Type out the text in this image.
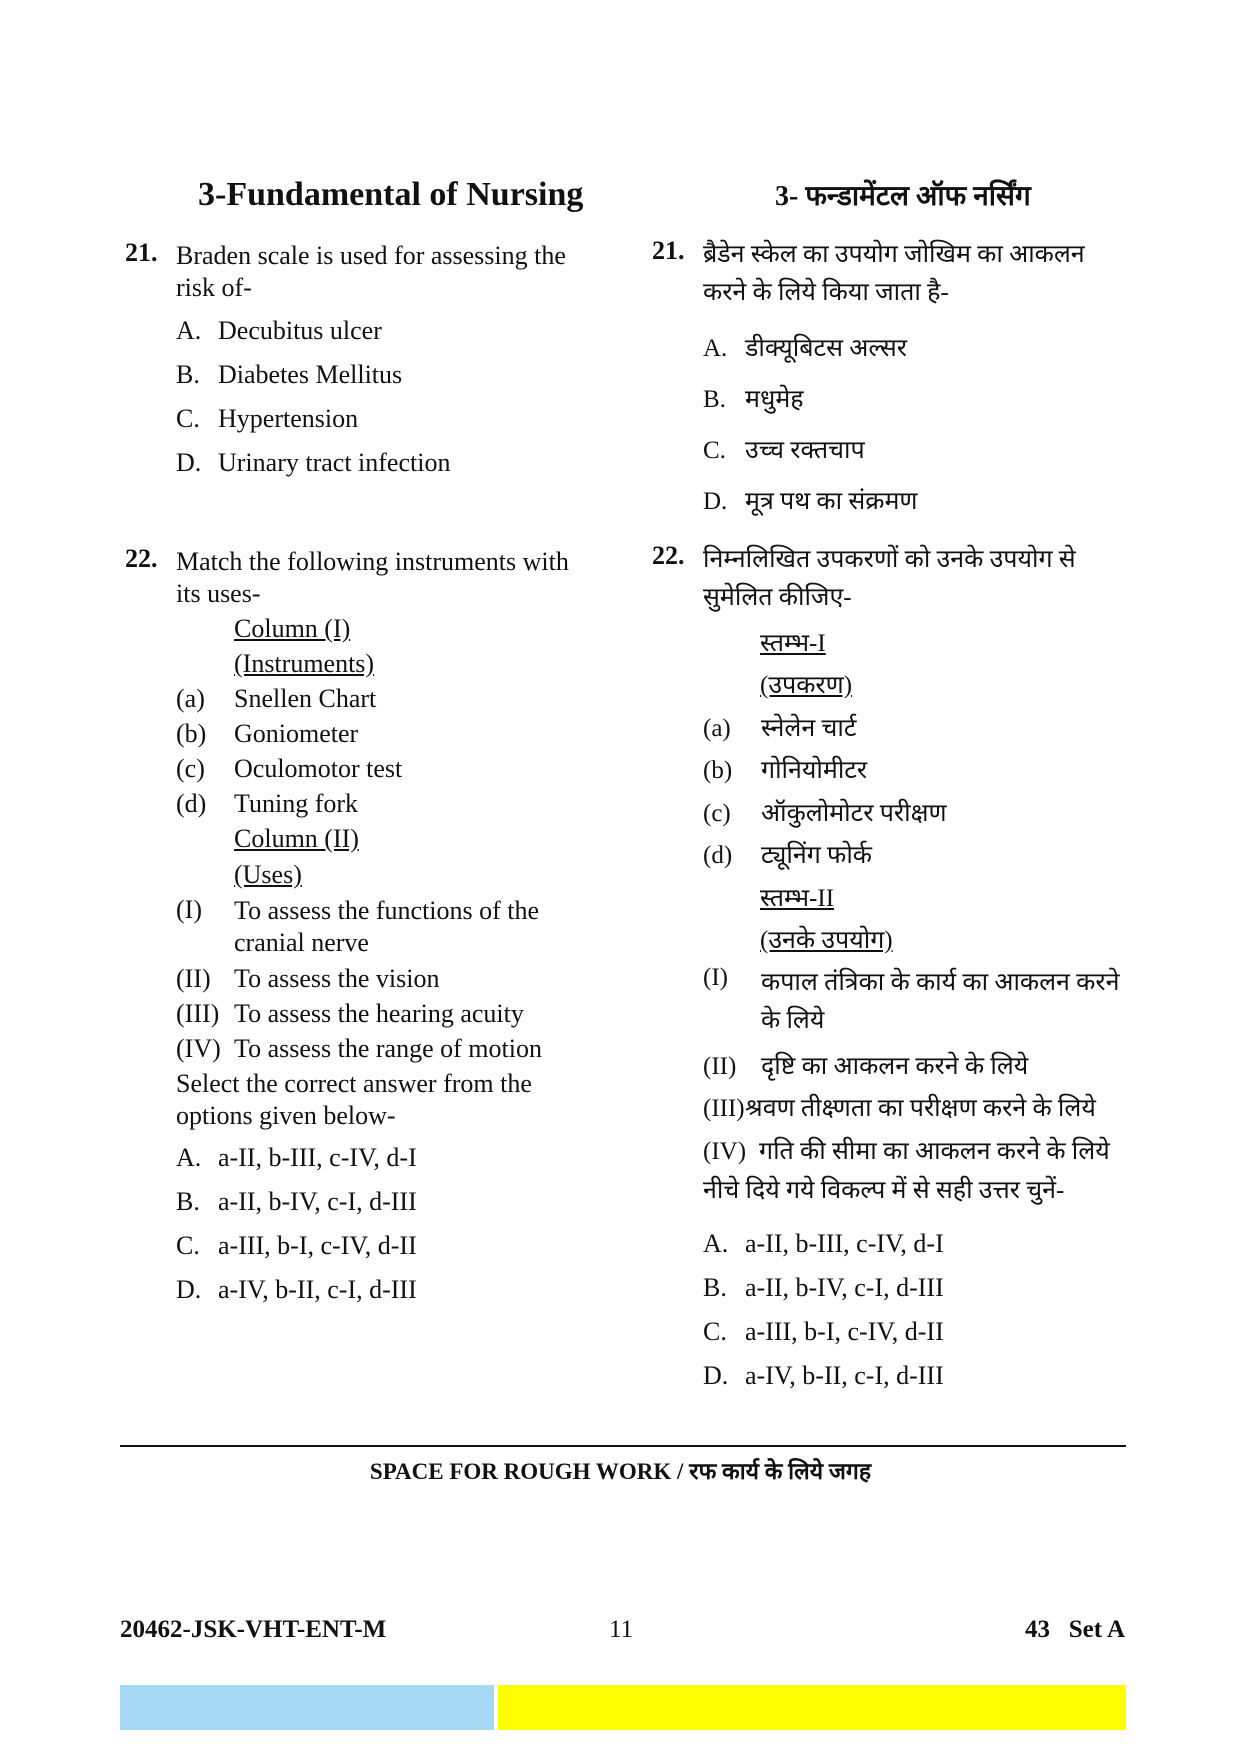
3-Fundamental of Nursing	3- फन्डामेंटल ऑफ नर्सिंग
21. Braden scale is used for assessing the risk of-
A. Decubitus ulcer
B. Diabetes Mellitus
C. Hypertension
D. Urinary tract infection
22. Match the following instruments with its uses-
Column (I)
(Instruments)
(a) Snellen Chart
(b) Goniometer
(c) Oculomotor test
(d) Tuning fork
Column (II)
(Uses)
(I)	To assess the functions of the cranial nerve
(II) To assess the vision
(III) To assess the hearing acuity
(IV) To assess the range of motion
Select the correct answer from the options given below-
A. a-II, b-III, c-IV, d-I
B. a-II, b-IV, c-I, d-III
C. a-III, b-I, c-IV, d-II
D. a-IV, b-II, c-I, d-III
21. ब्रैडेन स्केल का उपयोग जोखिम का आकलन करने के लिये किया जाता है-
A. डीक्यूबिटस अल्सर
B. मधुमेह
C. उच्च रक्तचाप
D. मूत्र पथ का संक्रमण
22. निम्नलिखित उपकरणों को उनके उपयोग से सुमेलित कीजिए-
स्तम्भ-I
(उपकरण)
(a) स्नेलेन चार्ट
(b) गोनियोमीटर
(c) ऑकुलोमोटर परीक्षण
(d) ट्यूनिंग फोर्क
स्तम्भ-II
(उनके उपयोग)
(I)	कपाल तंत्रिका के कार्य का आकलन करने के लिये
(II) दृष्टि का आकलन करने के लिये
(III)श्रवण तीक्ष्णता का परीक्षण करने के लिये
(IV) गति की सीमा का आकलन करने के लिये
नीचे दिये गये विकल्प में से सही उत्तर चुनें-
A. a-II, b-III, c-IV, d-I
B. a-II, b-IV, c-I, d-III
C. a-III, b-I, c-IV, d-II
D. a-IV, b-II, c-I, d-III
SPACE FOR ROUGH WORK / रफ कार्य के लिये जगह
20462-JSK-VHT-ENT-M	11	43   Set A
